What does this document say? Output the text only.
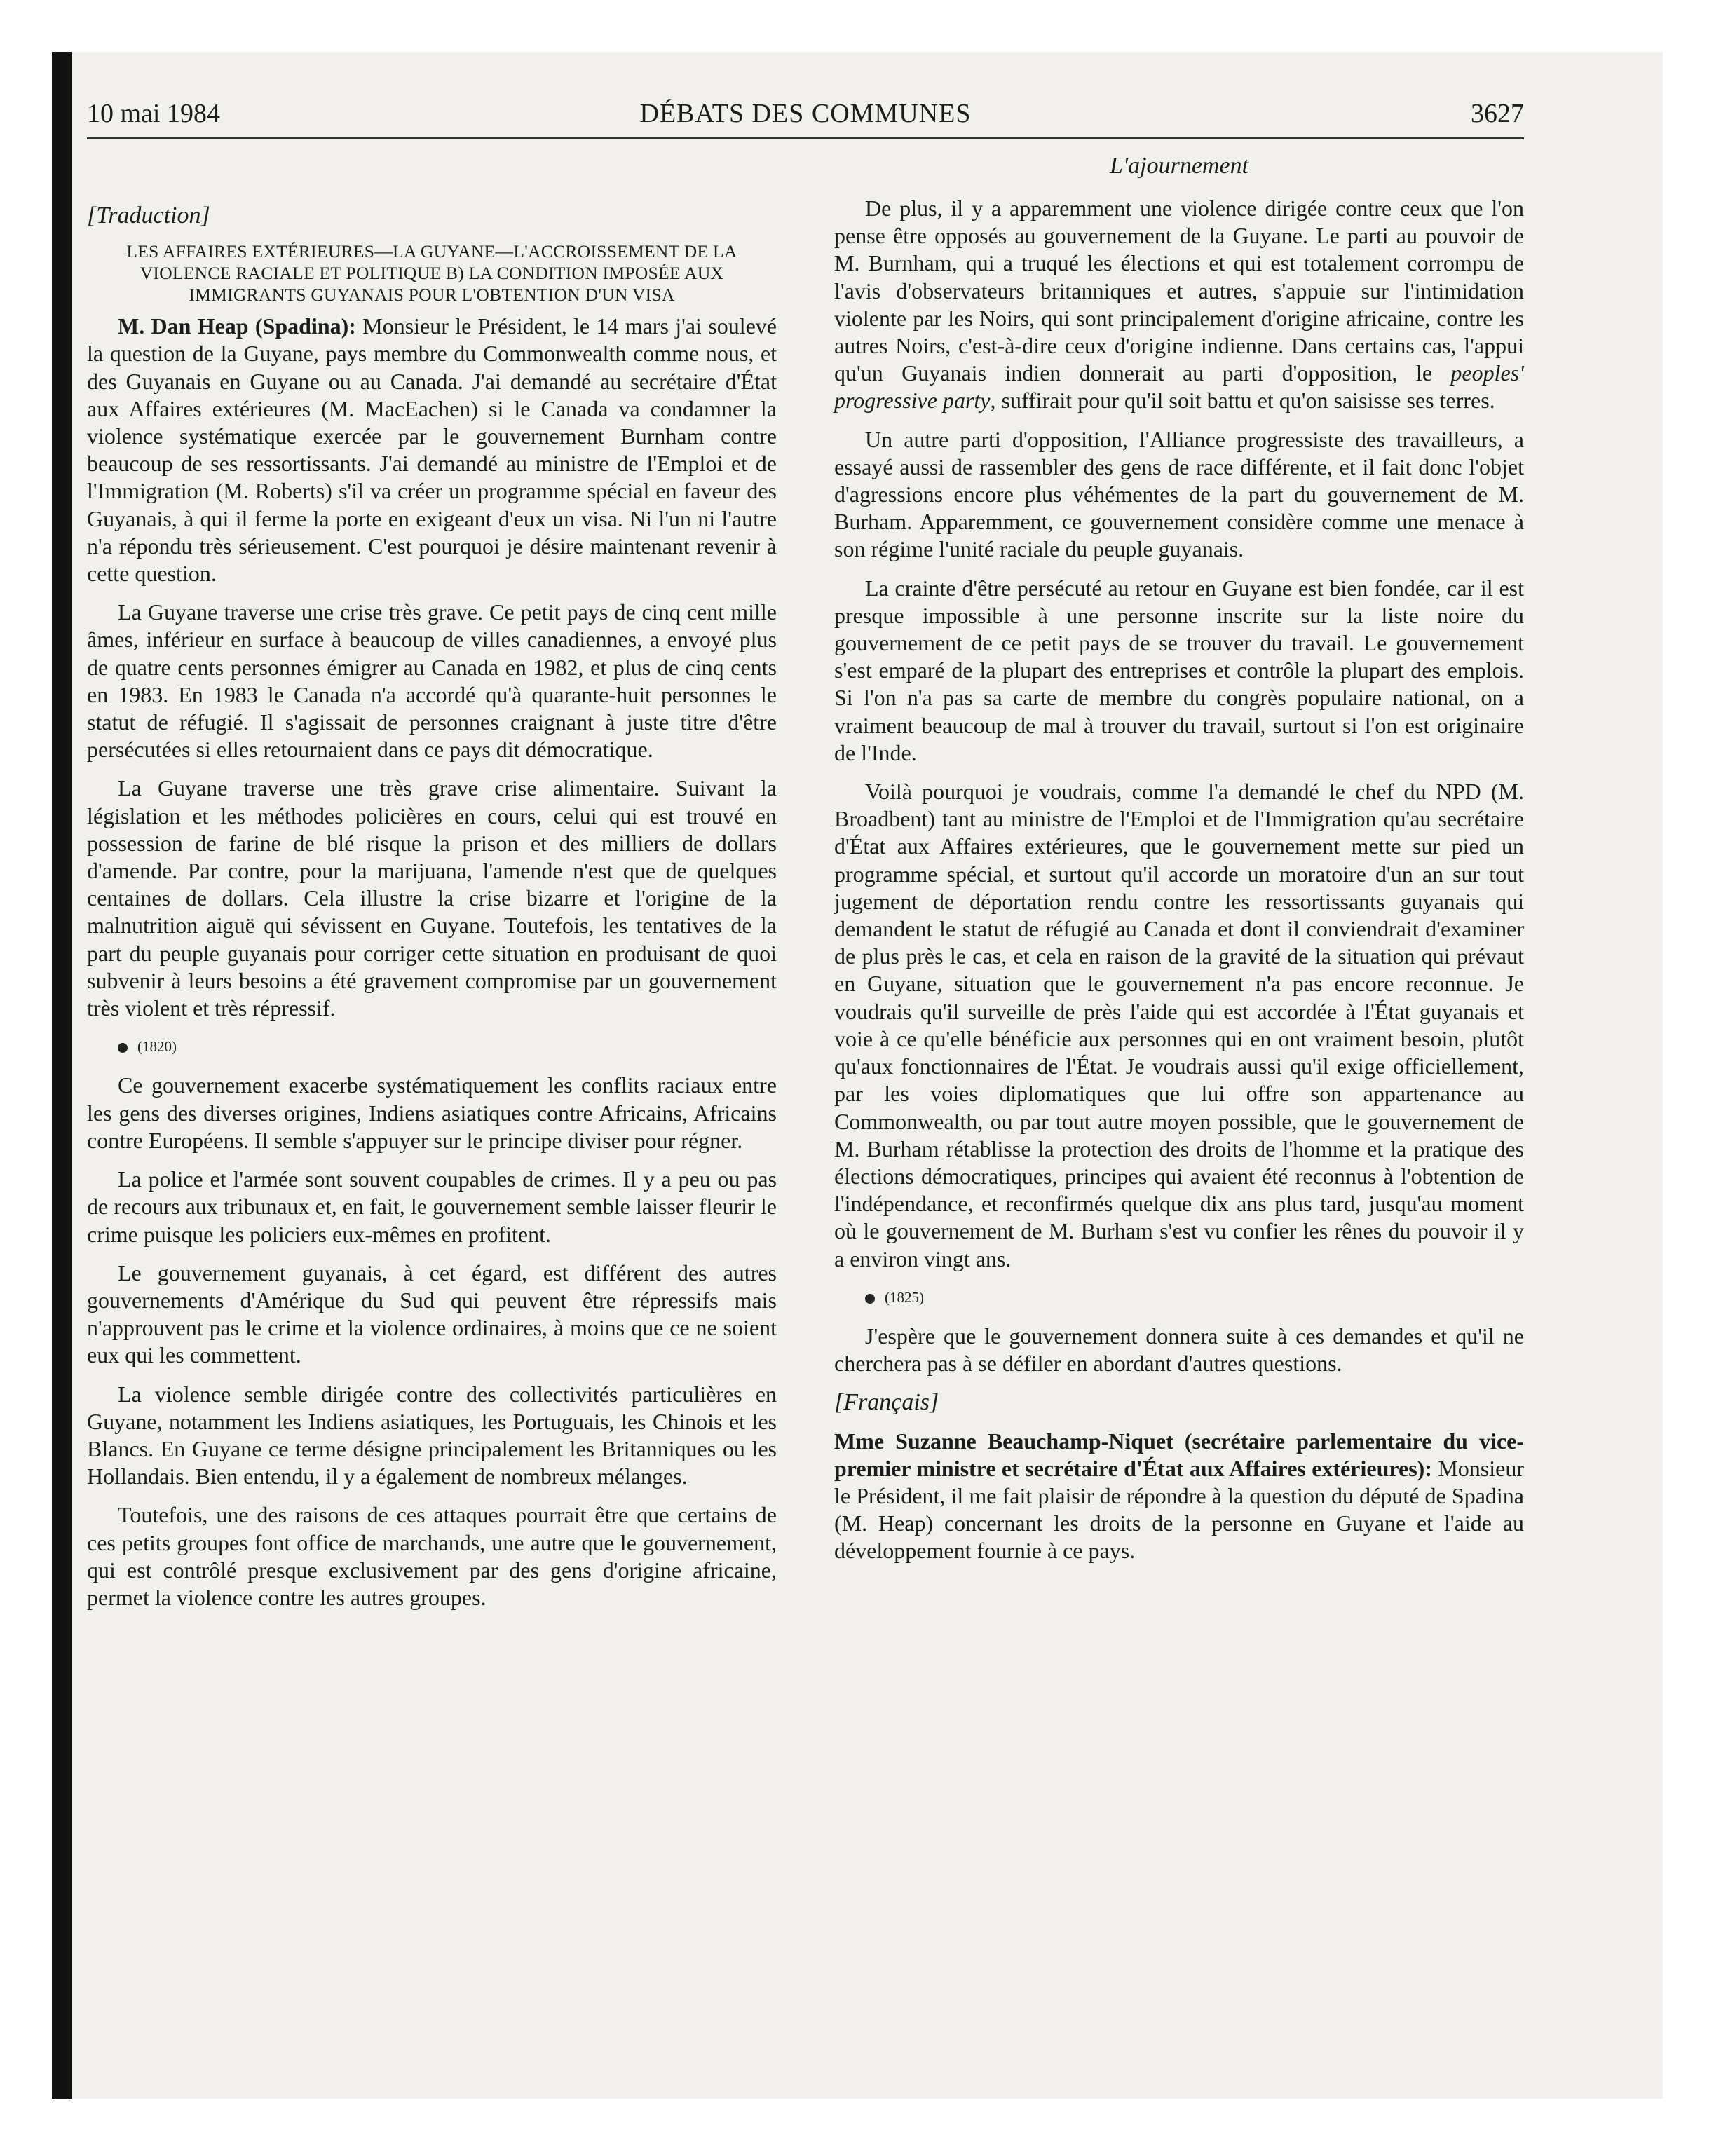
10 mai 1984	DÉBATS DES COMMUNES	3627
L'ajournement
[Traduction]
LES AFFAIRES EXTÉRIEURES—LA GUYANE—L'ACCROISSEMENT DE LA VIOLENCE RACIALE ET POLITIQUE B) LA CONDITION IMPOSÉE AUX IMMIGRANTS GUYANAIS POUR L'OBTENTION D'UN VISA

M. Dan Heap (Spadina): Monsieur le Président, le 14 mars j'ai soulevé la question de la Guyane, pays membre du Commonwealth comme nous, et des Guyanais en Guyane ou au Canada. J'ai demandé au secrétaire d'État aux Affaires extérieures (M. MacEachen) si le Canada va condamner la violence systématique exercée par le gouvernement Burnham contre beaucoup de ses ressortissants. J'ai demandé au ministre de l'Emploi et de l'Immigration (M. Roberts) s'il va créer un programme spécial en faveur des Guyanais, à qui il ferme la porte en exigeant d'eux un visa. Ni l'un ni l'autre n'a répondu très sérieusement. C'est pourquoi je désire maintenant revenir à cette question.

La Guyane traverse une crise très grave. Ce petit pays de cinq cent mille âmes, inférieur en surface à beaucoup de villes canadiennes, a envoyé plus de quatre cents personnes émigrer au Canada en 1982, et plus de cinq cents en 1983. En 1983 le Canada n'a accordé qu'à quarante-huit personnes le statut de réfugié. Il s'agissait de personnes craignant à juste titre d'être persécutées si elles retournaient dans ce pays dit démocratique.

La Guyane traverse une très grave crise alimentaire. Suivant la législation et les méthodes policières en cours, celui qui est trouvé en possession de farine de blé risque la prison et des milliers de dollars d'amende. Par contre, pour la marijuana, l'amende n'est que de quelques centaines de dollars. Cela illustre la crise bizarre et l'origine de la malnutrition aiguë qui sévissent en Guyane. Toutefois, les tentatives de la part du peuple guyanais pour corriger cette situation en produisant de quoi subvenir à leurs besoins a été gravement compromise par un gouvernement très violent et très répressif.

(1820)

Ce gouvernement exacerbe systématiquement les conflits raciaux entre les gens des diverses origines, Indiens asiatiques contre Africains, Africains contre Européens. Il semble s'appuyer sur le principe diviser pour régner.

La police et l'armée sont souvent coupables de crimes. Il y a peu ou pas de recours aux tribunaux et, en fait, le gouvernement semble laisser fleurir le crime puisque les policiers eux-mêmes en profitent.

Le gouvernement guyanais, à cet égard, est différent des autres gouvernements d'Amérique du Sud qui peuvent être répressifs mais n'approuvent pas le crime et la violence ordinaires, à moins que ce ne soient eux qui les commettent.

La violence semble dirigée contre des collectivités particulières en Guyane, notamment les Indiens asiatiques, les Portuguais, les Chinois et les Blancs. En Guyane ce terme désigne principalement les Britanniques ou les Hollandais. Bien entendu, il y a également de nombreux mélanges.

Toutefois, une des raisons de ces attaques pourrait être que certains de ces petits groupes font office de marchands, une autre que le gouvernement, qui est contrôlé presque exclusivement par des gens d'origine africaine, permet la violence contre les autres groupes.

De plus, il y a apparemment une violence dirigée contre ceux que l'on pense être opposés au gouvernement de la Guyane. Le parti au pouvoir de M. Burnham, qui a truqué les élections et qui est totalement corrompu de l'avis d'observateurs britanniques et autres, s'appuie sur l'intimidation violente par les Noirs, qui sont principalement d'origine africaine, contre les autres Noirs, c'est-à-dire ceux d'origine indienne. Dans certains cas, l'appui qu'un Guyanais indien donnerait au parti d'opposition, le peoples' progressive party, suffirait pour qu'il soit battu et qu'on saisisse ses terres.

Un autre parti d'opposition, l'Alliance progressiste des travailleurs, a essayé aussi de rassembler des gens de race différente, et il fait donc l'objet d'agressions encore plus véhémentes de la part du gouvernement de M. Burham. Apparemment, ce gouvernement considère comme une menace à son régime l'unité raciale du peuple guyanais.

La crainte d'être persécuté au retour en Guyane est bien fondée, car il est presque impossible à une personne inscrite sur la liste noire du gouvernement de ce petit pays de se trouver du travail. Le gouvernement s'est emparé de la plupart des entreprises et contrôle la plupart des emplois. Si l'on n'a pas sa carte de membre du congrès populaire national, on a vraiment beaucoup de mal à trouver du travail, surtout si l'on est originaire de l'Inde.

Voilà pourquoi je voudrais, comme l'a demandé le chef du NPD (M. Broadbent) tant au ministre de l'Emploi et de l'Immigration qu'au secrétaire d'État aux Affaires extérieures, que le gouvernement mette sur pied un programme spécial, et surtout qu'il accorde un moratoire d'un an sur tout jugement de déportation rendu contre les ressortissants guyanais qui demandent le statut de réfugié au Canada et dont il conviendrait d'examiner de plus près le cas, et cela en raison de la gravité de la situation qui prévaut en Guyane, situation que le gouvernement n'a pas encore reconnue. Je voudrais qu'il surveille de près l'aide qui est accordée à l'État guyanais et voie à ce qu'elle bénéficie aux personnes qui en ont vraiment besoin, plutôt qu'aux fonctionnaires de l'État. Je voudrais aussi qu'il exige officiellement, par les voies diplomatiques que lui offre son appartenance au Commonwealth, ou par tout autre moyen possible, que le gouvernement de M. Burham rétablisse la protection des droits de l'homme et la pratique des élections démocratiques, principes qui avaient été reconnus à l'obtention de l'indépendance, et reconfirmés quelque dix ans plus tard, jusqu'au moment où le gouvernement de M. Burham s'est vu confier les rênes du pouvoir il y a environ vingt ans.

(1825)

J'espère que le gouvernement donnera suite à ces demandes et qu'il ne cherchera pas à se défiler en abordant d'autres questions.

[Français]

Mme Suzanne Beauchamp-Niquet (secrétaire parlementaire du vice-premier ministre et secrétaire d'État aux Affaires extérieures): Monsieur le Président, il me fait plaisir de répondre à la question du député de Spadina (M. Heap) concernant les droits de la personne en Guyane et l'aide au développement fournie à ce pays.
